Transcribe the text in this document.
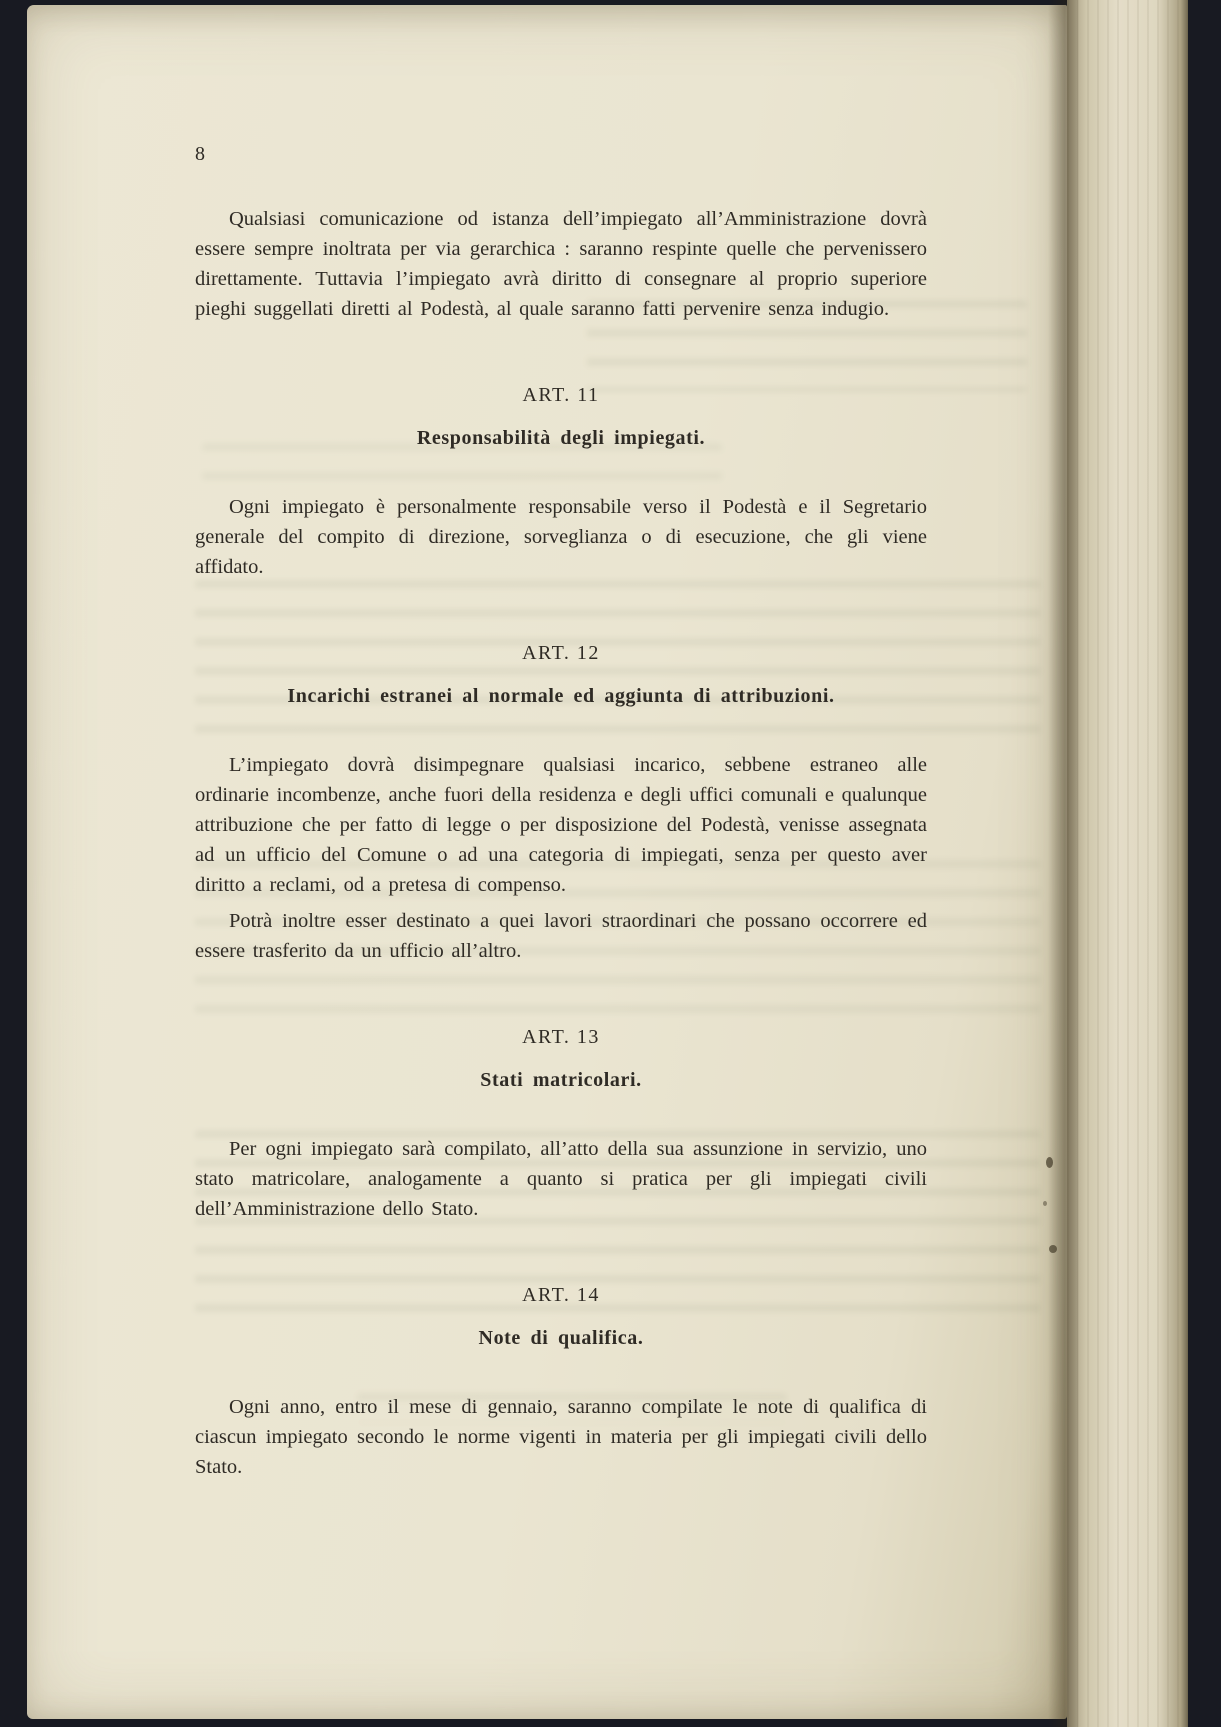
8

Qualsiasi comunicazione od istanza dell’impiegato all’Amministrazione dovrà essere sempre inoltrata per via gerarchica : saranno respinte quelle che pervenissero direttamente. Tuttavia l’impiegato avrà diritto di consegnare al proprio superiore pieghi suggellati diretti al Podestà, al quale saranno fatti pervenire senza indugio.

ART. 11
Responsabilità degli impiegati.

Ogni impiegato è personalmente responsabile verso il Podestà e il Segretario generale del compito di direzione, sorveglianza o di esecuzione, che gli viene affidato.

ART. 12
Incarichi estranei al normale ed aggiunta di attribuzioni.

L’impiegato dovrà disimpegnare qualsiasi incarico, sebbene estraneo alle ordinarie incombenze, anche fuori della residenza e degli uffici comunali e qualunque attribuzione che per fatto di legge o per disposizione del Podestà, venisse assegnata ad un ufficio del Comune o ad una categoria di impiegati, senza per questo aver diritto a reclami, od a pretesa di compenso.

Potrà inoltre esser destinato a quei lavori straordinari che possano occorrere ed essere trasferito da un ufficio all’altro.

ART. 13
Stati matricolari.

Per ogni impiegato sarà compilato, all’atto della sua assunzione in servizio, uno stato matricolare, analogamente a quanto si pratica per gli impiegati civili dell’Amministrazione dello Stato.

ART. 14
Note di qualifica.

Ogni anno, entro il mese di gennaio, saranno compilate le note di qualifica di ciascun impiegato secondo le norme vigenti in materia per gli impiegati civili dello Stato.
